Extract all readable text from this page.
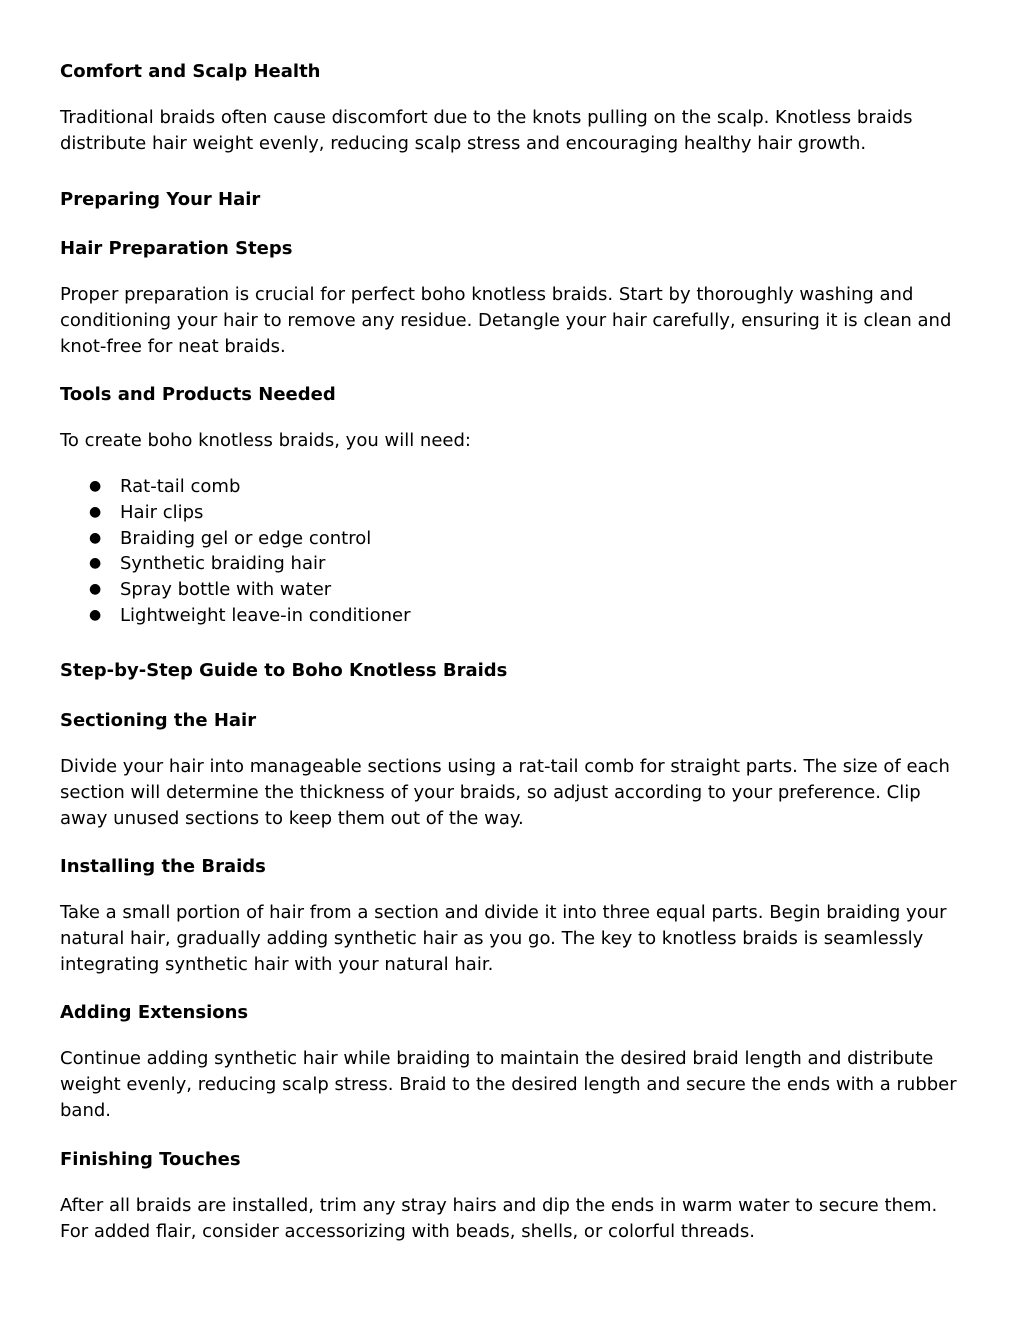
Comfort and Scalp Health

Traditional braids often cause discomfort due to the knots pulling on the scalp. Knotless braids distribute hair weight evenly, reducing scalp stress and encouraging healthy hair growth.

Preparing Your Hair
Hair Preparation Steps

Proper preparation is crucial for perfect boho knotless braids. Start by thoroughly washing and conditioning your hair to remove any residue. Detangle your hair carefully, ensuring it is clean and knot-free for neat braids.

Tools and Products Needed

To create boho knotless braids, you will need:

● Rat-tail comb
● Hair clips
● Braiding gel or edge control
● Synthetic braiding hair
● Spray bottle with water
● Lightweight leave-in conditioner
Step-by-Step Guide to Boho Knotless Braids
Sectioning the Hair

Divide your hair into manageable sections using a rat-tail comb for straight parts. The size of each section will determine the thickness of your braids, so adjust according to your preference. Clip away unused sections to keep them out of the way.

Installing the Braids

Take a small portion of hair from a section and divide it into three equal parts. Begin braiding your natural hair, gradually adding synthetic hair as you go. The key to knotless braids is seamlessly integrating synthetic hair with your natural hair.

Adding Extensions

Continue adding synthetic hair while braiding to maintain the desired braid length and distribute weight evenly, reducing scalp stress. Braid to the desired length and secure the ends with a rubber band.

Finishing Touches

After all braids are installed, trim any stray hairs and dip the ends in warm water to secure them. For added flair, consider accessorizing with beads, shells, or colorful threads.
